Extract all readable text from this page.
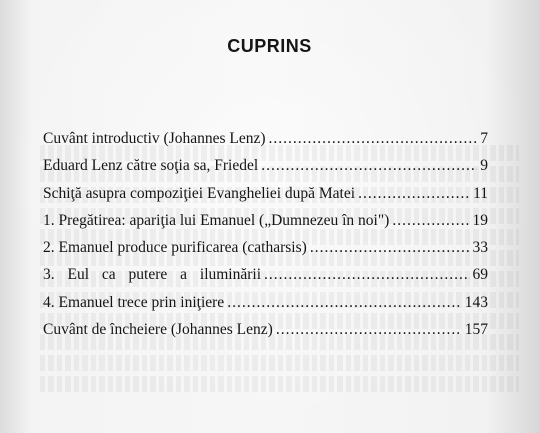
CUPRINS
Cuvânt introductiv (Johannes Lenz) .....	7
Eduard Lenz către soţia sa, Friedel .....	9
Schiţă asupra compoziţiei Evangheliei după Matei .....	11
1. Pregătirea: apariţia lui Emanuel („Dumnezeu în noi") .....	19
2. Emanuel produce purificarea (catharsis) .....	33
3. Eul ca putere a iluminării .....	69
4. Emanuel trece prin iniţiere .....	143
Cuvânt de încheiere (Johannes Lenz) .....	157
